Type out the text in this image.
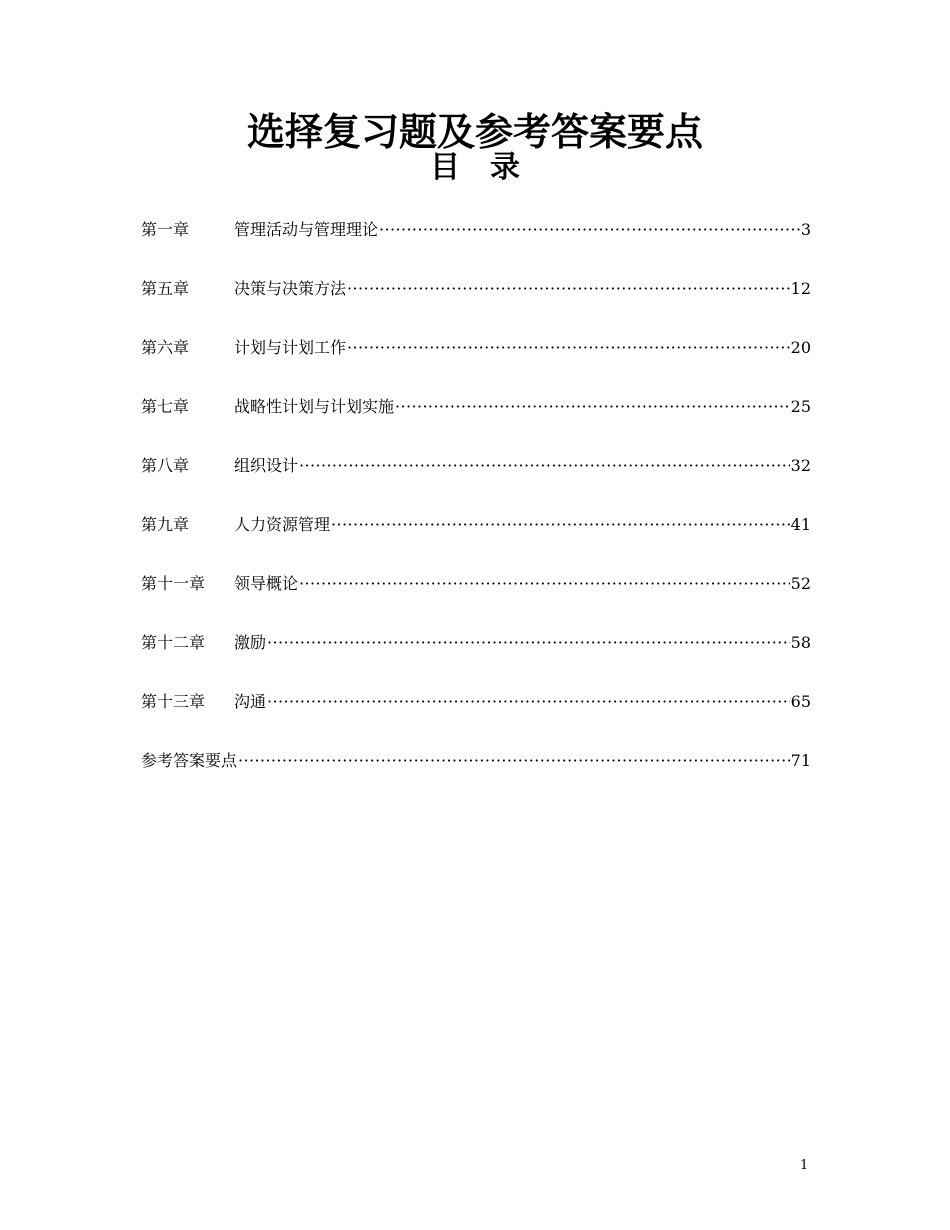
选择复习题及参考答案要点
目　录
第一章	管理活动与管理理论 ·····	3
第五章	决策与决策方法 ·····	12
第六章	计划与计划工作 ·····	20
第七章	战略性计划与计划实施 ·····	25
第八章	组织设计 ·····	32
第九章	人力资源管理 ·····	41
第十一章	领导概论 ·····	52
第十二章	激励 ·····	58
第十三章	沟通 ·····	65
参考答案要点 ·····	71
1
